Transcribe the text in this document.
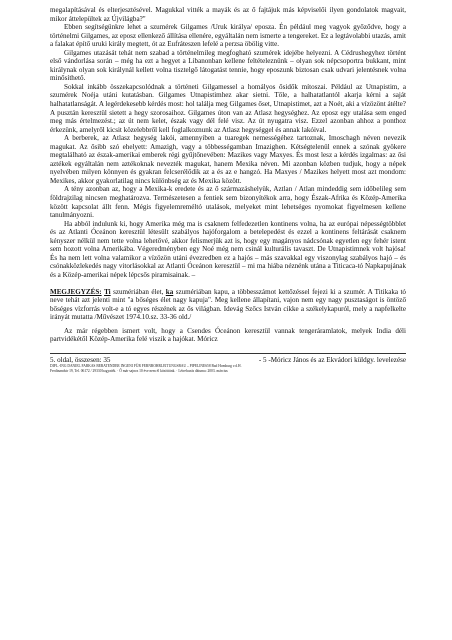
megalapításával és elterjesztésével. Magukkal vitték a mayák és az ő fajtájuk más képviselői ilyen gondolatok magvait, mikor áttelepültek az Újvilágba?"

Ebben segítségünkre lehet a szumérek Gilgames /Uruk királya/ eposza. Én például meg vagyok győződve, hogy a történelmi Gilgames, az eposz ellenkező állítása ellenére, egyáltalán nem ismerte a tengereket. Ez a legtávolabbi utazás, amit a falakat építő uruki király megtett, ót az Eufráteszen lefelé a perzsa öbölig vitte.

Gilgames utazását tehát nem szabad a történelmileg megfogható szumérek idejébe helyezni. A Cédrushegyhez történt első vándorlása során – még ha ezt a hegyet a Libanonban kellene feltételeznünk – olyan sok népcsoportra bukkant, mint királynak olyan sok királynál kellett volna tisztelgő látogatást tennie, hogy eposzunk biztosan csak udvari jelentésnek volna minősíthető.

Sokkal inkább összekapcsolódnak a történeti Gilgamessel a homályos ősidők mítoszai. Például az Utnapistim, a szumérek Noéja utáni kutatásban. Gilgames Utnapistimhez akar sietni. Tőle, a halhatatlantól akarja kérni a saját halhatatlanságát. A legérdekesebb kérdés most: hol találja meg Gilgames őset, Utnapistimet, azt a Noét, aki a vízözönt átélte?

A pusztán keresztül sietett a hegy szorosaihoz. Gilgames úton van az Atlasz hegységhez. Az eposz egy utalása sem enged meg más értelmezést.; az út nem kelet, észak vagy dél felé visz. Az út nyugatra visz. Ezzel azonban ahhoz a ponthoz érkezünk, amelyről kicsit közelebbről kell foglalkoznunk az Atlasz hegységgel és annak lakóival.

A berberek, az Atlasz hegység lakói, amennyiben a tuaregek nemességéhez tartoznak, Imoschagh néven nevezik magukat. Az ősibb szó ehelyett: Amazigh, vagy a többességamban Imazighen. Kétségtelenül ennek a szónak gyökere megtalálható az észak-amerikai emberek régi gyűjtőnevében: Mazikes vagy Maxyes. És most lesz a kérdés izgalmas: az ősi aztékek egyáltalán nem aztékoknak nevezték magukat, hanem Mexika néven. Mi azonban közben tudjuk, hogy a népek nyelvében milyen könnyen és gyakran felcserélődik az a és az e hangzó. Ha Maxyes / Mazikes helyett most azt mondom: Mexikes, akkor gyakorlatilag nincs különbség az és Mexika között.

A tény azonban az, hogy a Mexika-k eredete és az ő származáshelyük, Aztlan / Atlan mindeddig sem időbelileg sem földrajzilag nincsen meghatározva. Természetesen a fentiek sem bizonyítékok arra, hogy Észak-Afrika és Közép-Amerika között kapcsolat állt fenn. Mégis figyelemreméltó utalások, melyeket mint lehetséges nyomokat figyelmesen kellene tanulmányozni.

Ha abból indulunk ki, hogy Amerika még ma is csaknem felfedezetlen kontinens volna, ha az európai népességtöbblet és az Atlanti Óceánon keresztül létesült szabályos hajóforgalom a betelepedést és ezzel a kontinens feltárását csaknem kényszer nélkül nem tette volna lehetővé, akkor felismerjük azt is, hogy egy magányos nádcsónak egyetlen egy fehér istent sem hozott volna Amerikába. Végeredményben egy Noé még nem csinál kulturális tavaszt. De Utnapistimnek volt hajósa! És ha nem lett volna valamikor a vízözön utáni évezredben ez a hajós – más szavakkal egy viszonylag szabályos hajó – és csónakközlekedés nagy vitorlásokkal az Atlanti Óceánon keresztül – mi ma hiába néznénk utána a Titicaca-tó Napkapujának és a Közép-amerikai népek lépcsős piramisainak. –

MEGJEGYZÉS: Ti szumériában élet, ka szumériában kapu, a többesszámot kettőzéssel fejezi ki a szumér. A Titikaka tó neve tehát azt jelenti mint "a bőséges élet nagy kapuja". Meg kellene állapítani, vajon nem egy nagy pusztaságot is öntöző bőséges vízforrás volt-e a tó egyes részének az ős világban. Idevág Szőcs István cikke a székelykapuról, mely a napfelkelte irányát mutatta /Művészet 1974.10.sz. 33-36 old./

Az már régebben ismert volt, hogy a Csendes Óceánon keresztül vannak tengeráramlatok, melyek India déli partvidékétől Közép-Amerika felé viszik a hajókat. Móricz

5. oldal, összesen: 35	- 5 -Móricz János és az Ekvádori küldgy. levelezése
DIPL.-ING DANIEL FARKAS BERATENDER INGENI FÜR FERNROHRLEITUNGSBAU – PIPELINE658 Bad Homburg v.d.H.
Ferdinandstr 19, Tel. 06172 / 29330 hagyaték. · Ő már sajnos 10 éve nem él közöttünk. · Létrehozás dátuma: 2003. március
